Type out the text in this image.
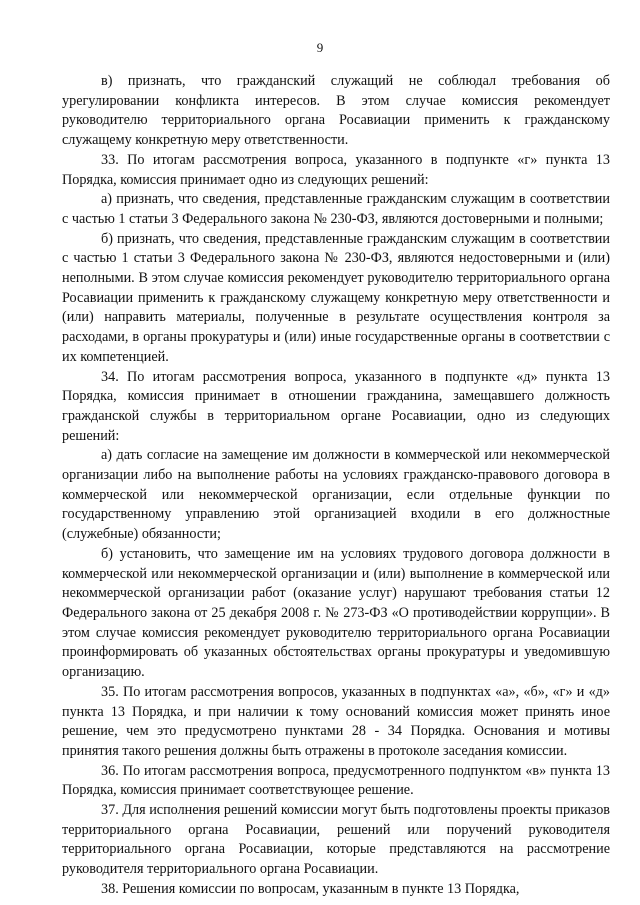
9

в) признать, что гражданский служащий не соблюдал требования об урегулировании конфликта интересов. В этом случае комиссия рекомендует руководителю территориального органа Росавиации применить к гражданскому служащему конкретную меру ответственности.

33. По итогам рассмотрения вопроса, указанного в подпункте «г» пункта 13 Порядка, комиссия принимает одно из следующих решений:

а) признать, что сведения, представленные гражданским служащим в соответствии с частью 1 статьи 3 Федерального закона № 230-ФЗ, являются достоверными и полными;

б) признать, что сведения, представленные гражданским служащим в соответствии с частью 1 статьи 3 Федерального закона № 230-ФЗ, являются недостоверными и (или) неполными. В этом случае комиссия рекомендует руководителю территориального органа Росавиации применить к гражданскому служащему конкретную меру ответственности и (или) направить материалы, полученные в результате осуществления контроля за расходами, в органы прокуратуры и (или) иные государственные органы в соответствии с их компетенцией.

34. По итогам рассмотрения вопроса, указанного в подпункте «д» пункта 13 Порядка, комиссия принимает в отношении гражданина, замещавшего должность гражданской службы в территориальном органе Росавиации, одно из следующих решений:

а) дать согласие на замещение им должности в коммерческой или некоммерческой организации либо на выполнение работы на условиях гражданско-правового договора в коммерческой или некоммерческой организации, если отдельные функции по государственному управлению этой организацией входили в его должностные (служебные) обязанности;

б) установить, что замещение им на условиях трудового договора должности в коммерческой или некоммерческой организации и (или) выполнение в коммерческой или некоммерческой организации работ (оказание услуг) нарушают требования статьи 12 Федерального закона от 25 декабря 2008 г. № 273-ФЗ «О противодействии коррупции». В этом случае комиссия рекомендует руководителю территориального органа Росавиации проинформировать об указанных обстоятельствах органы прокуратуры и уведомившую организацию.

35. По итогам рассмотрения вопросов, указанных в подпунктах «а», «б», «г» и «д» пункта 13 Порядка, и при наличии к тому оснований комиссия может принять иное решение, чем это предусмотрено пунктами 28 - 34 Порядка. Основания и мотивы принятия такого решения должны быть отражены в протоколе заседания комиссии.

36. По итогам рассмотрения вопроса, предусмотренного подпунктом «в» пункта 13 Порядка, комиссия принимает соответствующее решение.

37. Для исполнения решений комиссии могут быть подготовлены проекты приказов территориального органа Росавиации, решений или поручений руководителя территориального органа Росавиации, которые представляются на рассмотрение руководителя территориального органа Росавиации.

38. Решения комиссии по вопросам, указанным в пункте 13 Порядка,
